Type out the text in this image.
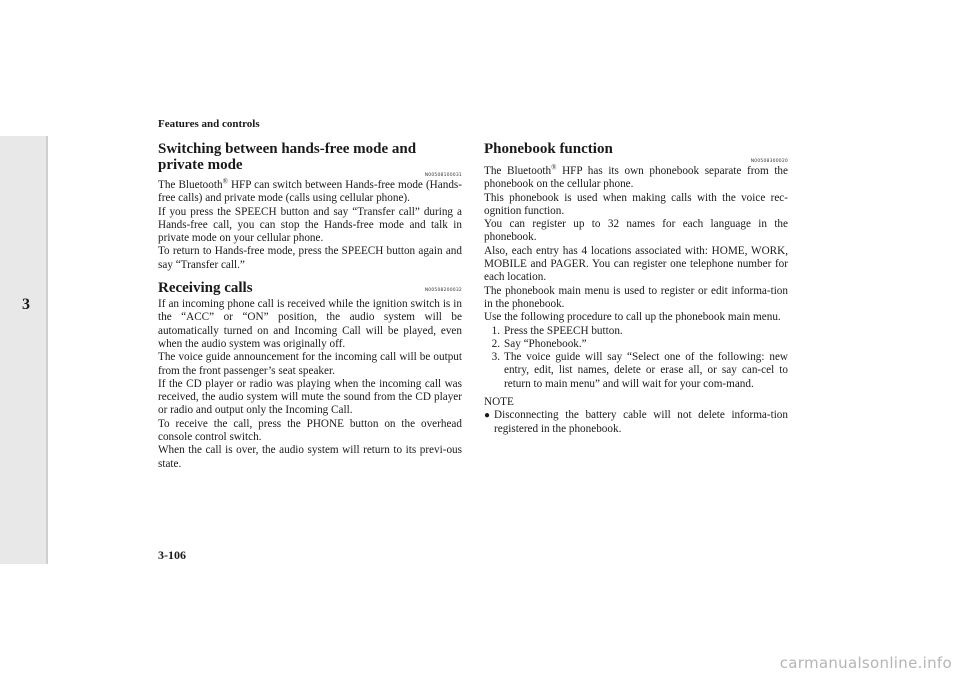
Features and controls
3
Switching between hands-free mode and private mode
N00508100031

The Bluetooth® HFP can switch between Hands-free mode (Hands-free calls) and private mode (calls using cellular phone).

If you press the SPEECH button and say “Transfer call” during a Hands-free call, you can stop the Hands-free mode and talk in private mode on your cellular phone.

To return to Hands-free mode, press the SPEECH button again and say “Transfer call.”

Receiving calls	N00508200032

If an incoming phone call is received while the ignition switch is in the “ACC” or “ON” position, the audio system will be automatically turned on and Incoming Call will be played, even when the audio system was originally off.

The voice guide announcement for the incoming call will be output from the front passenger’s seat speaker.

If the CD player or radio was playing when the incoming call was received, the audio system will mute the sound from the CD player or radio and output only the Incoming Call.

To receive the call, press the PHONE button on the overhead console control switch.

When the call is over, the audio system will return to its previ-ous state.

Phonebook function
N00508300020

The Bluetooth® HFP has its own phonebook separate from the phonebook on the cellular phone.

This phonebook is used when making calls with the voice rec-ognition function.

You can register up to 32 names for each language in the phonebook.

Also, each entry has 4 locations associated with: HOME, WORK, MOBILE and PAGER. You can register one telephone number for each location.

The phonebook main menu is used to register or edit informa-tion in the phonebook.

Use the following procedure to call up the phonebook main menu.

1. Press the SPEECH button.
2. Say “Phonebook.”
3. The voice guide will say “Select one of the following: new entry, edit, list names, delete or erase all, or say can-cel to return to main menu” and will wait for your com-mand.
NOTE
● Disconnecting the battery cable will not delete informa-tion registered in the phonebook.
3-106
carmanualsonline.info
